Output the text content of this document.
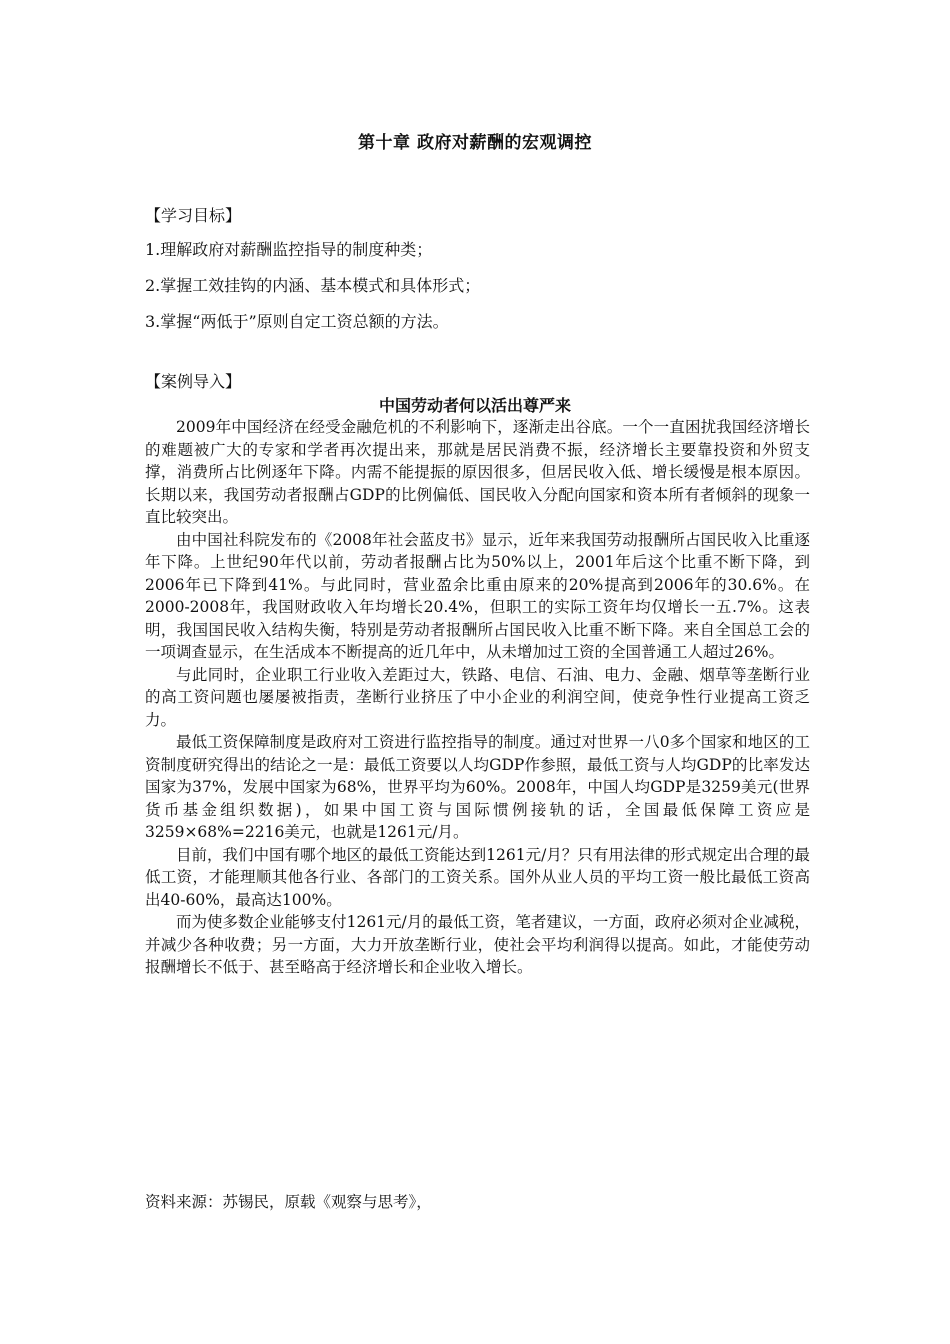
第十章 政府对薪酬的宏观调控
【学习目标】
1.理解政府对薪酬监控指导的制度种类；
2.掌握工效挂钩的内涵、基本模式和具体形式；
3.掌握“两低于”原则自定工资总额的方法。
【案例导入】
中国劳动者何以活出尊严来

2009年中国经济在经受金融危机的不利影响下，逐渐走出谷底。一个一直困扰我国经济增长的难题被广大的专家和学者再次提出来，那就是居民消费不振，经济增长主要靠投资和外贸支撑，消费所占比例逐年下降。内需不能提振的原因很多，但居民收入低、增长缓慢是根本原因。长期以来，我国劳动者报酬占GDP的比例偏低、国民收入分配向国家和资本所有者倾斜的现象一直比较突出。

由中国社科院发布的《2008年社会蓝皮书》显示，近年来我国劳动报酬所占国民收入比重逐年下降。上世纪90年代以前，劳动者报酬占比为50%以上，2001年后这个比重不断下降，到2006年已下降到41%。与此同时，营业盈余比重由原来的20%提高到2006年的30.6%。在2000-2008年，我国财政收入年均增长20.4%，但职工的实际工资年均仅增长一五.7%。这表明，我国国民收入结构失衡，特别是劳动者报酬所占国民收入比重不断下降。来自全国总工会的一项调查显示，在生活成本不断提高的近几年中，从未增加过工资的全国普通工人超过26%。

与此同时，企业职工行业收入差距过大，铁路、电信、石油、电力、金融、烟草等垄断行业的高工资问题也屡屡被指责，垄断行业挤压了中小企业的利润空间，使竞争性行业提高工资乏力。

最低工资保障制度是政府对工资进行监控指导的制度。通过对世界一八0多个国家和地区的工资制度研究得出的结论之一是：最低工资要以人均GDP作参照，最低工资与人均GDP的比率发达国家为37%，发展中国家为68%，世界平均为60%。2008年，中国人均GDP是3259美元(世界货币基金组织数据)，如果中国工资与国际惯例接轨的话，全国最低保障工资应是3259×68%=2216美元，也就是1261元/月。

目前，我们中国有哪个地区的最低工资能达到1261元/月？只有用法律的形式规定出合理的最低工资，才能理顺其他各行业、各部门的工资关系。国外从业人员的平均工资一般比最低工资高出40-60%，最高达100%。

而为使多数企业能够支付1261元/月的最低工资，笔者建议，一方面，政府必须对企业减税，并减少各种收费；另一方面，大力开放垄断行业，使社会平均利润得以提高。如此，才能使劳动报酬增长不低于、甚至略高于经济增长和企业收入增长。

资料来源：苏锡民，原载《观察与思考》，
